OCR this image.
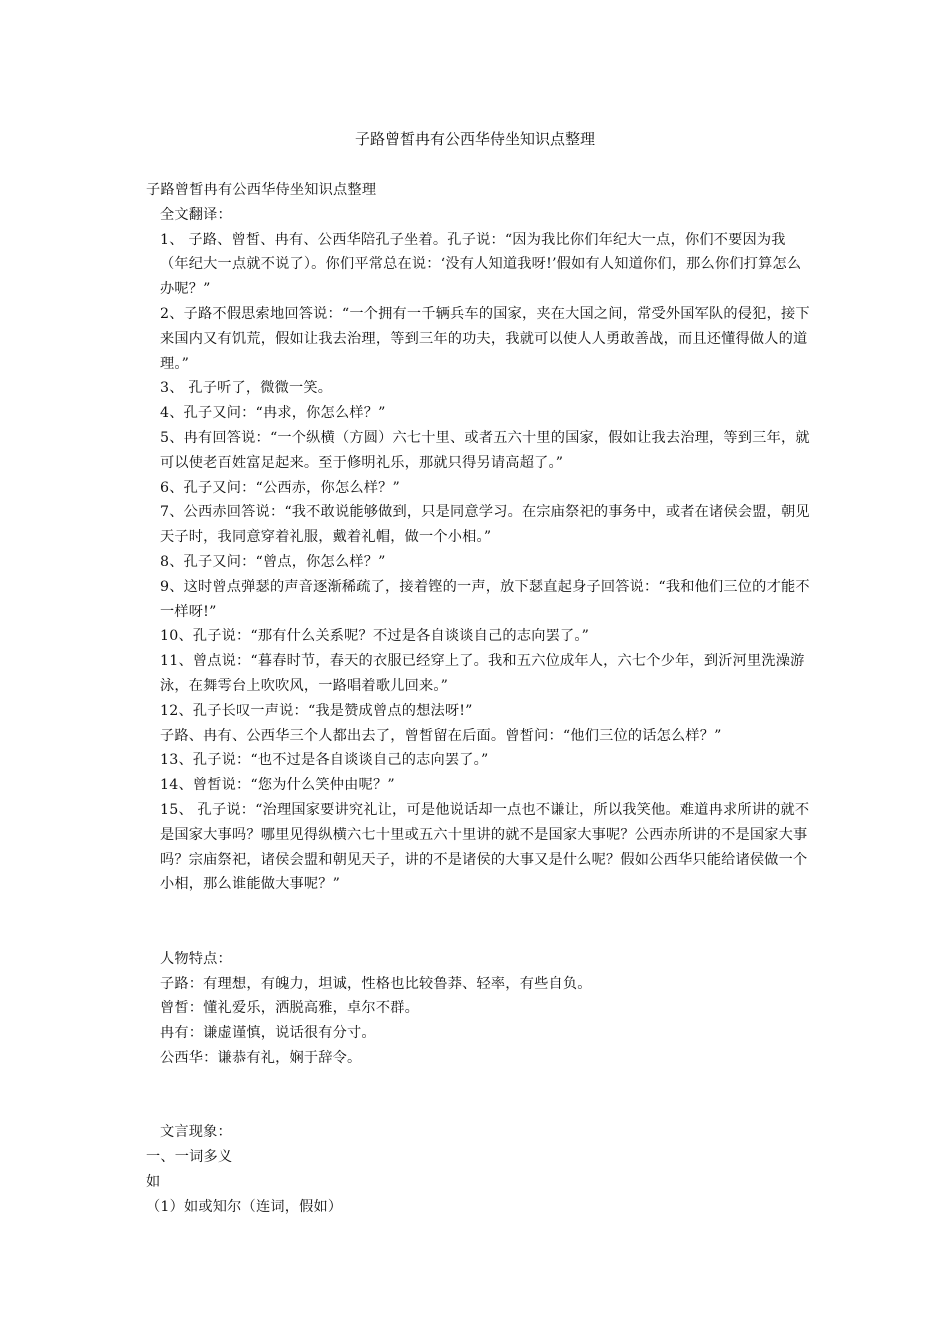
子路曾皙冉有公西华侍坐知识点整理

子路曾皙冉有公西华侍坐知识点整理

全文翻译：

1、 子路、曾皙、冉有、公西华陪孔子坐着。孔子说：“因为我比你们年纪大一点，你们不要因为我（年纪大一点就不说了）。你们平常总在说：‘没有人知道我呀!’假如有人知道你们，那么你们打算怎么办呢？”

2、子路不假思索地回答说：“一个拥有一千辆兵车的国家，夹在大国之间，常受外国军队的侵犯，接下来国内又有饥荒，假如让我去治理，等到三年的功夫，我就可以使人人勇敢善战，而且还懂得做人的道理。”

3、 孔子听了，微微一笑。

4、孔子又问：“冉求，你怎么样？”

5、冉有回答说：“一个纵横（方圆）六七十里、或者五六十里的国家，假如让我去治理，等到三年，就可以使老百姓富足起来。至于修明礼乐，那就只得另请高超了。”

6、孔子又问：“公西赤，你怎么样？”

7、公西赤回答说：“我不敢说能够做到，只是同意学习。在宗庙祭祀的事务中，或者在诸侯会盟，朝见天子时，我同意穿着礼服，戴着礼帽，做一个小相。”

8、孔子又问：“曾点，你怎么样？”

9、这时曾点弹瑟的声音逐渐稀疏了，接着铿的一声，放下瑟直起身子回答说：“我和他们三位的才能不一样呀!”

10、孔子说：“那有什么关系呢？不过是各自谈谈自己的志向罢了。”

11、曾点说：“暮春时节，春天的衣服已经穿上了。我和五六位成年人，六七个少年，到沂河里洗澡游泳，在舞雩台上吹吹风，一路唱着歌儿回来。”

12、孔子长叹一声说：“我是赞成曾点的想法呀!”

子路、冉有、公西华三个人都出去了，曾皙留在后面。曾皙问：“他们三位的话怎么样？”

13、孔子说：“也不过是各自谈谈自己的志向罢了。”

14、曾皙说：“您为什么笑仲由呢？”

15、 孔子说：“治理国家要讲究礼让，可是他说话却一点也不谦让，所以我笑他。难道冉求所讲的就不是国家大事吗？哪里见得纵横六七十里或五六十里讲的就不是国家大事呢？公西赤所讲的不是国家大事吗？宗庙祭祀，诸侯会盟和朝见天子，讲的不是诸侯的大事又是什么呢？假如公西华只能给诸侯做一个小相，那么谁能做大事呢？”

人物特点：

子路：有理想，有魄力，坦诚，性格也比较鲁莽、轻率，有些自负。

曾皙：懂礼爱乐，洒脱高雅，卓尔不群。

冉有：谦虚谨慎，说话很有分寸。

公西华：谦恭有礼，娴于辞令。

文言现象：

一、一词多义

如

（1）如或知尔（连词，假如）
